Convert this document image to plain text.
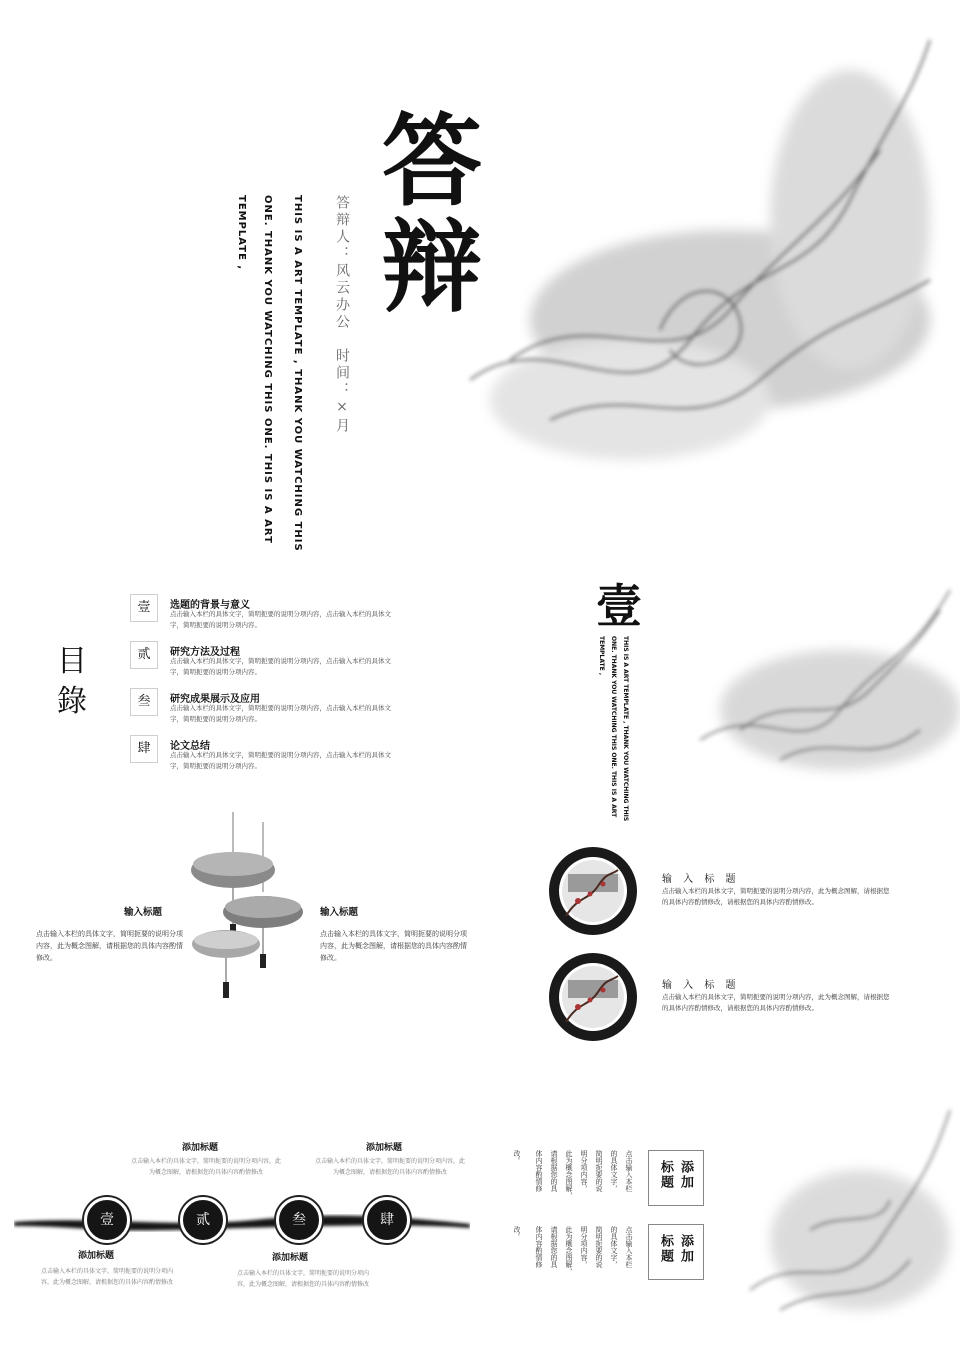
答辩
答辩人：风云办公　时间：×月
THIS IS A ART TEMPLATE , THANK YOU WATCHING THIS
ONE. THANK YOU WATCHING THIS ONE. THIS IS A ART
TEMPLATE ,
目錄
壹	选题的背景与意义
点击输入本栏的具体文字，简明扼要的说明分项内容，点击输入本栏的具体文字，简明扼要的说明分项内容。
贰	研究方法及过程
点击输入本栏的具体文字，简明扼要的说明分项内容，点击输入本栏的具体文字，简明扼要的说明分项内容。
叁	研究成果展示及应用
点击输入本栏的具体文字，简明扼要的说明分项内容，点击输入本栏的具体文字，简明扼要的说明分项内容。
肆	论文总结
点击输入本栏的具体文字，简明扼要的说明分项内容，点击输入本栏的具体文字，简明扼要的说明分项内容。
壹
THIS IS A ART TEMPLATE , THANK YOU WATCHING THIS
ONE. THANK YOU WATCHING THIS ONE. THIS IS A ART
TEMPLATE ,
输入标题
点击输入本栏的具体文字，简明扼要的说明分项内容，此为概念图解，请根据您的具体内容酌情修改。
输入标题
点击输入本栏的具体文字，简明扼要的说明分项内容，此为概念图解，请根据您的具体内容酌情修改。
输 入 标 题
点击输入本栏的具体文字，简明扼要的说明分项内容，此为概念图解，请根据您的具体内容酌情修改，请根据您的具体内容酌情修改。
输 入 标 题
点击输入本栏的具体文字，简明扼要的说明分项内容，此为概念图解，请根据您的具体内容酌情修改，请根据您的具体内容酌情修改。
添加标题
点击输入本栏的具体文字，简明扼要的说明分项内容，此为概念图解，请根据您的具体内容酌情修改
添加标题
点击输入本栏的具体文字，简明扼要的说明分项内容，此为概念图解，请根据您的具体内容酌情修改
壹	贰	叁	肆
添加标题
点击输入本栏的具体文字，简明扼要的说明分项内容，此为概念图解，请根据您的具体内容酌情修改
添加标题
点击输入本栏的具体文字，简明扼要的说明分项内容，此为概念图解，请根据您的具体内容酌情修改
添加
标题
添加
标题
点击输入本栏
的具体文字，
简明扼要的说
明分项内容，
此为概念图解，
请根据您的具
体内容酌情修
改。
点击输入本栏
的具体文字，
简明扼要的说
明分项内容，
此为概念图解，
请根据您的具
体内容酌情修
改。
